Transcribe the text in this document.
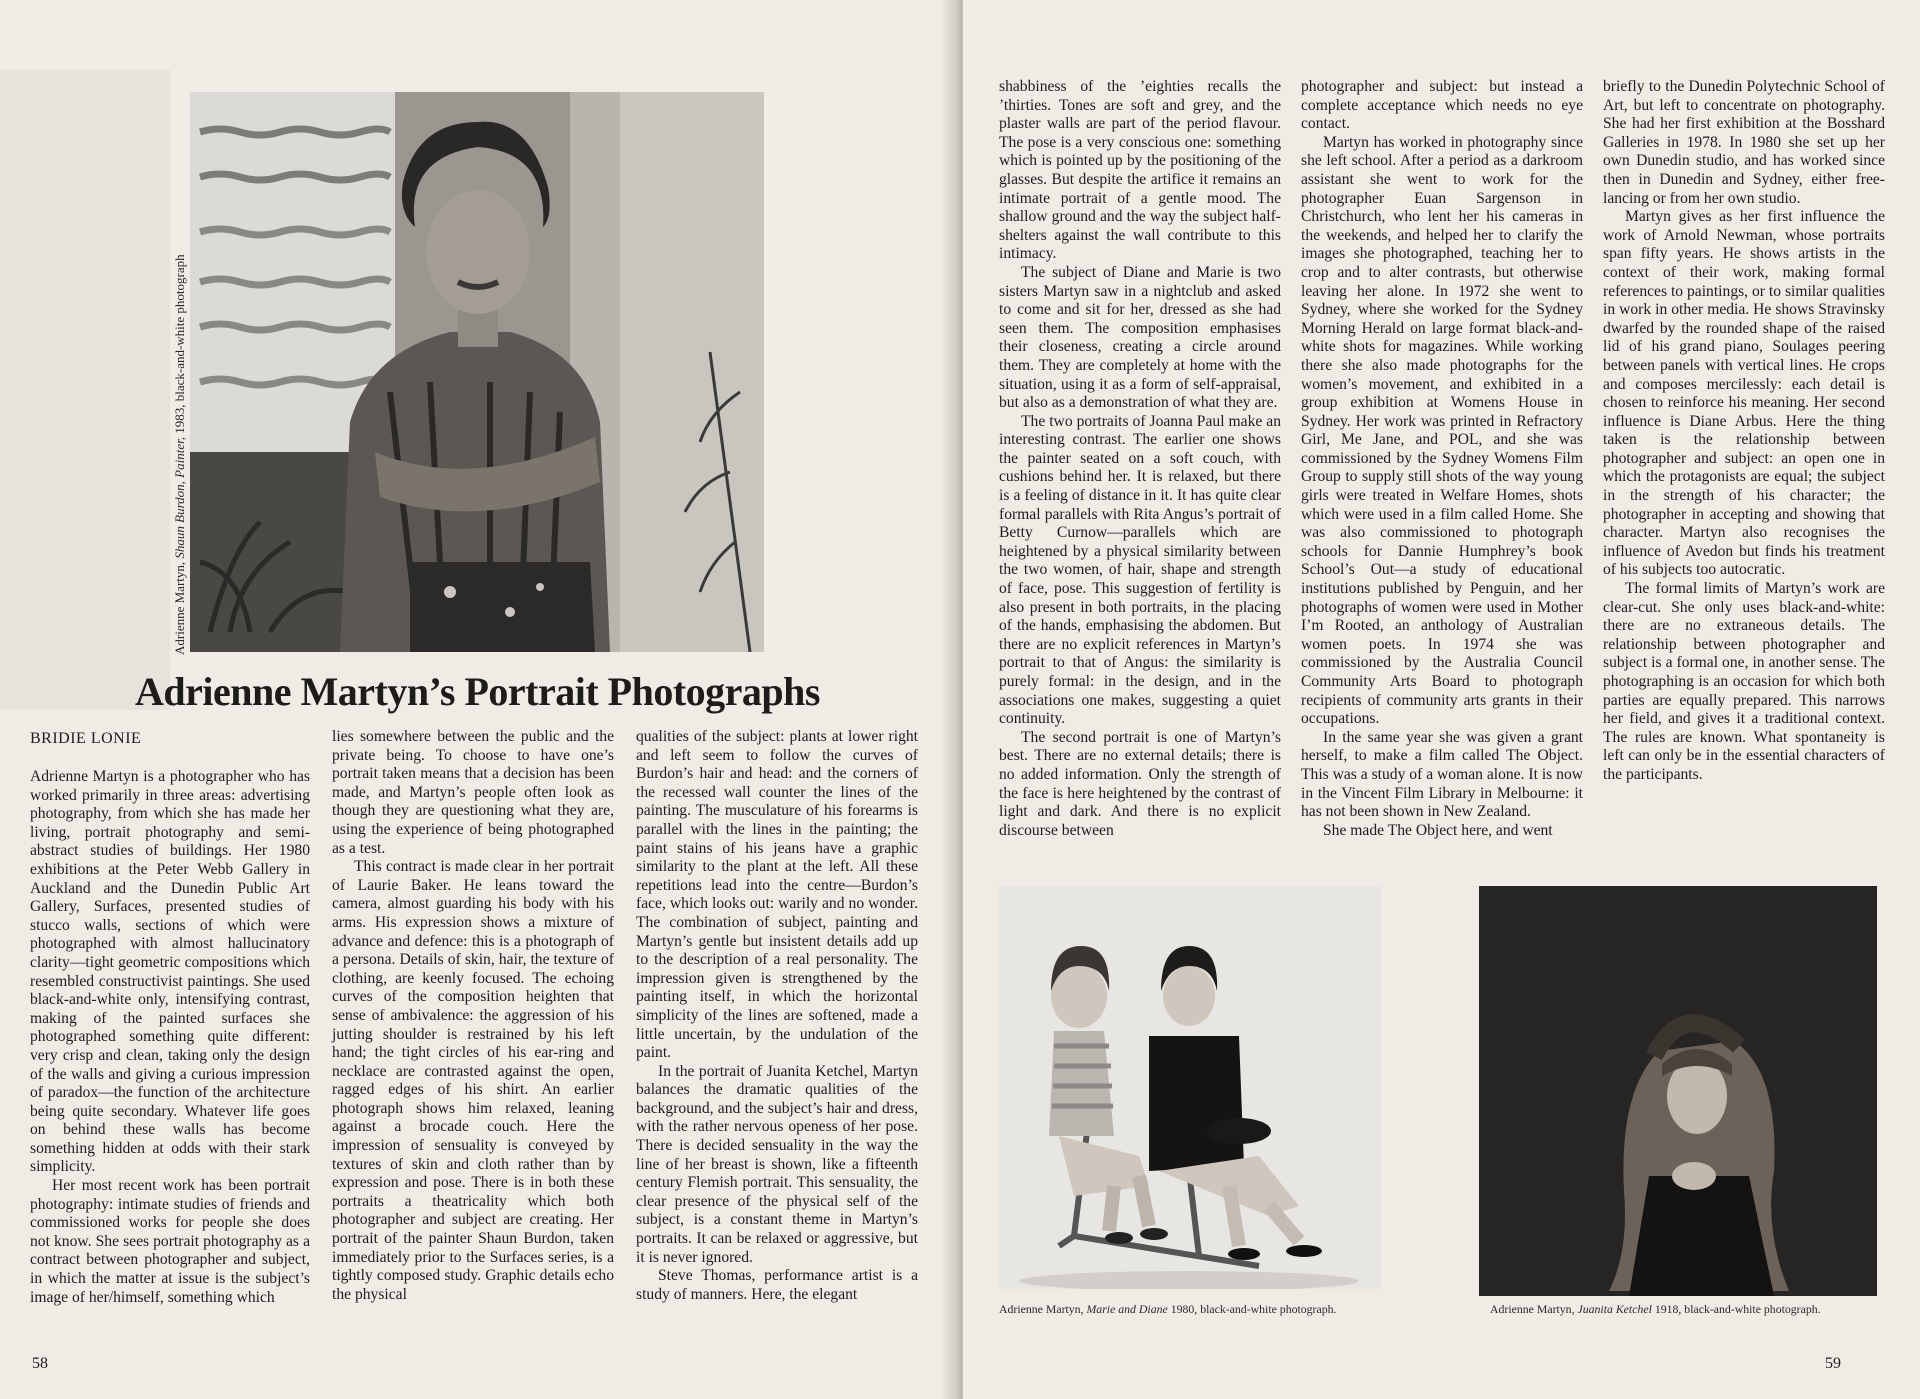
Adrienne Martyn, Shaun Burdon, Painter, 1983, black-and-white photograph
Adrienne Martyn’s Portrait Photographs
BRIDIE LONIE

Adrienne Martyn is a photographer who has worked primarily in three areas: advertising photography, from which she has made her living, portrait photography and semi-abstract studies of buildings. Her 1980 exhibitions at the Peter Webb Gallery in Auckland and the Dunedin Public Art Gallery, Surfaces, presented studies of stucco walls, sections of which were photographed with almost hallucinatory clarity—tight geometric compositions which resembled constructivist paintings. She used black-and-white only, intensifying contrast, making of the painted surfaces she photographed something quite different: very crisp and clean, taking only the design of the walls and giving a curious impression of paradox—the function of the architecture being quite secondary. Whatever life goes on behind these walls has become something hidden at odds with their stark simplicity.

Her most recent work has been portrait photography: intimate studies of friends and commissioned works for people she does not know. She sees portrait photography as a contract between photographer and subject, in which the matter at issue is the subject’s image of her/himself, something which

lies somewhere between the public and the private being. To choose to have one’s portrait taken means that a decision has been made, and Martyn’s people often look as though they are questioning what they are, using the experience of being photographed as a test.

This contract is made clear in her portrait of Laurie Baker. He leans toward the camera, almost guarding his body with his arms. His expression shows a mixture of advance and defence: this is a photograph of a persona. Details of skin, hair, the texture of clothing, are keenly focused. The echoing curves of the composition heighten that sense of ambivalence: the aggression of his jutting shoulder is restrained by his left hand; the tight circles of his ear-ring and necklace are contrasted against the open, ragged edges of his shirt. An earlier photograph shows him relaxed, leaning against a brocade couch. Here the impression of sensuality is conveyed by textures of skin and cloth rather than by expression and pose. There is in both these portraits a theatricality which both photographer and subject are creating. Her portrait of the painter Shaun Burdon, taken immediately prior to the Surfaces series, is a tightly composed study. Graphic details echo the physical

qualities of the subject: plants at lower right and left seem to follow the curves of Burdon’s hair and head: and the corners of the recessed wall counter the lines of the painting. The musculature of his forearms is parallel with the lines in the painting; the paint stains of his jeans have a graphic similarity to the plant at the left. All these repetitions lead into the centre—Burdon’s face, which looks out: warily and no wonder. The combination of subject, painting and Martyn’s gentle but insistent details add up to the description of a real personality. The impression given is strengthened by the painting itself, in which the horizontal simplicity of the lines are softened, made a little uncertain, by the undulation of the paint.

In the portrait of Juanita Ketchel, Martyn balances the dramatic qualities of the background, and the subject’s hair and dress, with the rather nervous openess of her pose. There is decided sensuality in the way the line of her breast is shown, like a fifteenth century Flemish portrait. This sensuality, the clear presence of the physical self of the subject, is a constant theme in Martyn’s portraits. It can be relaxed or aggressive, but it is never ignored.

Steve Thomas, performance artist is a study of manners. Here, the elegant

58

shabbiness of the ’eighties recalls the ’thirties. Tones are soft and grey, and the plaster walls are part of the period flavour. The pose is a very conscious one: something which is pointed up by the positioning of the glasses. But despite the artifice it remains an intimate portrait of a gentle mood. The shallow ground and the way the subject half-shelters against the wall contribute to this intimacy.

The subject of Diane and Marie is two sisters Martyn saw in a nightclub and asked to come and sit for her, dressed as she had seen them. The composition emphasises their closeness, creating a circle around them. They are completely at home with the situation, using it as a form of self-appraisal, but also as a demonstration of what they are.

The two portraits of Joanna Paul make an interesting contrast. The earlier one shows the painter seated on a soft couch, with cushions behind her. It is relaxed, but there is a feeling of distance in it. It has quite clear formal parallels with Rita Angus’s portrait of Betty Curnow—parallels which are heightened by a physical similarity between the two women, of hair, shape and strength of face, pose. This suggestion of fertility is also present in both portraits, in the placing of the hands, emphasising the abdomen. But there are no explicit references in Martyn’s portrait to that of Angus: the similarity is purely formal: in the design, and in the associations one makes, suggesting a quiet continuity.

The second portrait is one of Martyn’s best. There are no external details; there is no added information. Only the strength of the face is here heightened by the contrast of light and dark. And there is no explicit discourse between

photographer and subject: but instead a complete acceptance which needs no eye contact.

Martyn has worked in photography since she left school. After a period as a darkroom assistant she went to work for the photographer Euan Sargenson in Christchurch, who lent her his cameras in the weekends, and helped her to clarify the images she photographed, teaching her to crop and to alter contrasts, but otherwise leaving her alone. In 1972 she went to Sydney, where she worked for the Sydney Morning Herald on large format black-and-white shots for magazines. While working there she also made photographs for the women’s movement, and exhibited in a group exhibition at Womens House in Sydney. Her work was printed in Refractory Girl, Me Jane, and POL, and she was commissioned by the Sydney Womens Film Group to supply still shots of the way young girls were treated in Welfare Homes, shots which were used in a film called Home. She was also commissioned to photograph schools for Dannie Humphrey’s book School’s Out—a study of educational institutions published by Penguin, and her photographs of women were used in Mother I’m Rooted, an anthology of Australian women poets. In 1974 she was commissioned by the Australia Council Community Arts Board to photograph recipients of community arts grants in their occupations.

In the same year she was given a grant herself, to make a film called The Object. This was a study of a woman alone. It is now in the Vincent Film Library in Melbourne: it has not been shown in New Zealand.

She made The Object here, and went

briefly to the Dunedin Polytechnic School of Art, but left to concentrate on photography. She had her first exhibition at the Bosshard Galleries in 1978. In 1980 she set up her own Dunedin studio, and has worked since then in Dunedin and Sydney, either free-lancing or from her own studio.

Martyn gives as her first influence the work of Arnold Newman, whose portraits span fifty years. He shows artists in the context of their work, making formal references to paintings, or to similar qualities in work in other media. He shows Stravinsky dwarfed by the rounded shape of the raised lid of his grand piano, Soulages peering between panels with vertical lines. He crops and composes mercilessly: each detail is chosen to reinforce his meaning. Her second influence is Diane Arbus. Here the thing taken is the relationship between photographer and subject: an open one in which the protagonists are equal; the subject in the strength of his character; the photographer in accepting and showing that character. Martyn also recognises the influence of Avedon but finds his treatment of his subjects too autocratic.

The formal limits of Martyn’s work are clear-cut. She only uses black-and-white: there are no extraneous details. The relationship between photographer and subject is a formal one, in another sense. The photographing is an occasion for which both parties are equally prepared. This narrows her field, and gives it a traditional context. The rules are known. What spontaneity is left can only be in the essential characters of the participants.

Adrienne Martyn, Marie and Diane 1980, black-and-white photograph.	Adrienne Martyn, Juanita Ketchel 1918, black-and-white photograph.
59
